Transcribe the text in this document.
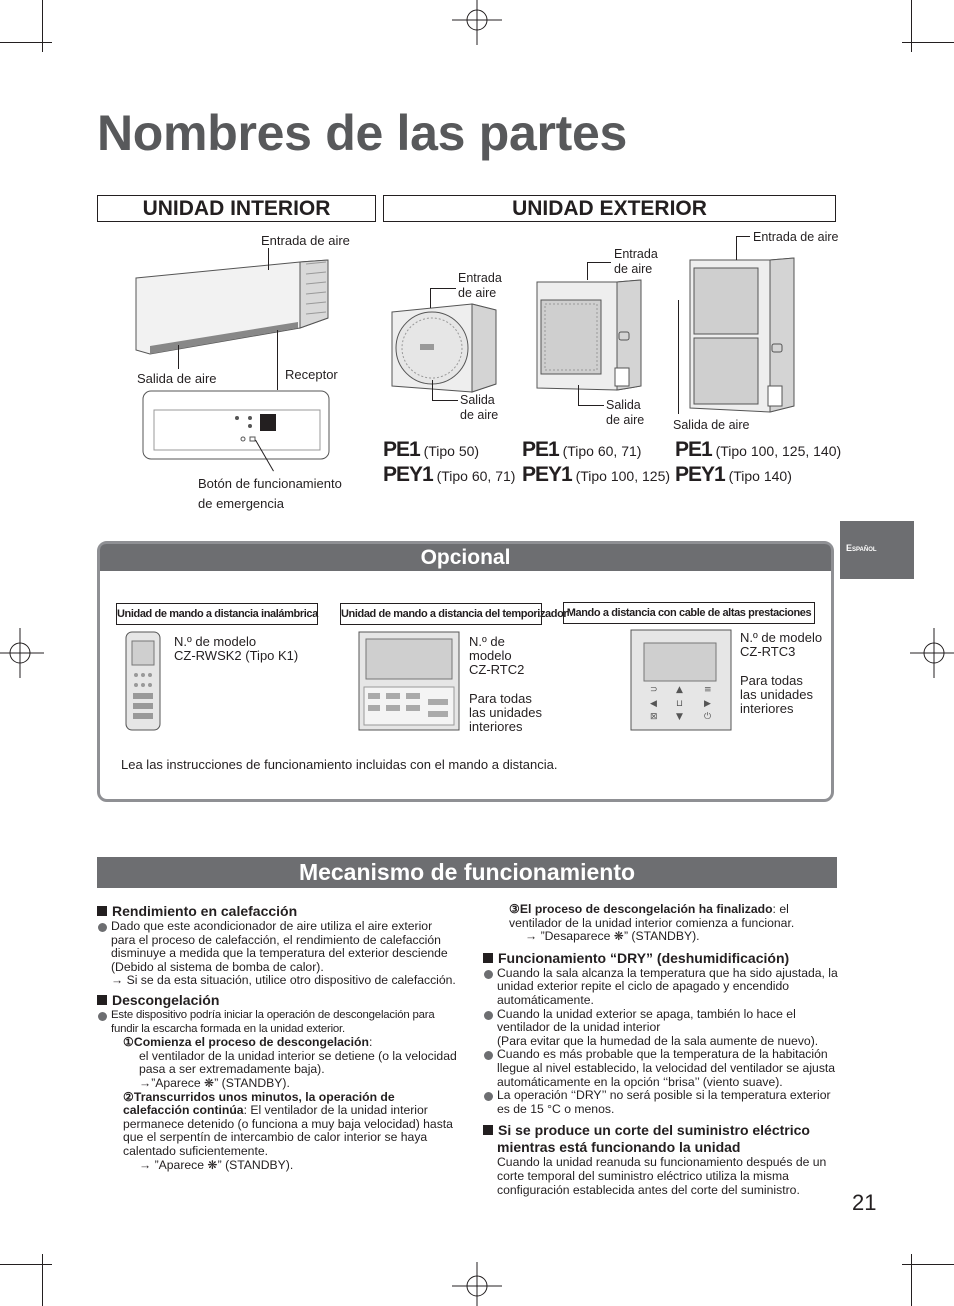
Nombres de las partes
UNIDAD INTERIOR	UNIDAD EXTERIOR
Entrada de aire
Salida de aire	Receptor
Botón de funcionamiento
de emergencia
Entrada
de aire
Salida
de aire
Entrada
de aire
Salida
de aire
Entrada de aire
Salida de aire
PE1 (Tipo 50)
PEY1 (Tipo 60, 71)
PE1 (Tipo 60, 71)
PEY1 (Tipo 100, 125)
PE1 (Tipo 100, 125, 140)
PEY1 (Tipo 140)
Español
Opcional
Unidad de mando a distancia inalámbrica Unidad de mando a distancia del temporizador Mando a distancia con cable de altas prestaciones
N.º de modelo
CZ-RWSK2 (Tipo K1)
N.º de
modelo
CZ-RTC2
Para todas
las unidades
interiores
⊃ ▲ ≡
◀ ⊔ ▶
⊠ ▼ ⏻
N.º de modelo
CZ-RTC3
Para todas
las unidades
interiores
Lea las instrucciones de funcionamiento incluidas con el mando a distancia.
Mecanismo de funcionamiento
Rendimiento en calefacción
Dado que este acondicionador de aire utiliza el aire exterior para el proceso de calefacción, el rendimiento de calefacción disminuye a medida que la temperatura del exterior desciende
(Debido al sistema de bomba de calor).
→ Si se da esta situación, utilice otro dispositivo de calefacción.
Descongelación
Este dispositivo podría iniciar la operación de descongelación para fundir la escarcha formada en la unidad exterior.
①Comienza el proceso de descongelación:
el ventilador de la unidad interior se detiene (o la velocidad pasa a ser extremadamente baja).
→”Aparece ❋” (STANDBY).
②Transcurridos unos minutos, la operación de calefacción continúa: El ventilador de la unidad interior permanece detenido (o funciona a muy baja velocidad) hasta que el serpentín de intercambio de calor interior se haya calentado suficientemente.
→ ”Aparece ❋” (STANDBY).
③El proceso de descongelación ha finalizado: el ventilador de la unidad interior comienza a funcionar.
→ ”Desaparece ❋” (STANDBY).
Funcionamiento “DRY” (deshumidificación)
Cuando la sala alcanza la temperatura que ha sido ajustada, la unidad exterior repite el ciclo de apagado y encendido automáticamente.
Cuando la unidad exterior se apaga, también lo hace el ventilador de la unidad interior
(Para evitar que la humedad de la sala aumente de nuevo).
Cuando es más probable que la temperatura de la habitación llegue al nivel establecido, la velocidad del ventilador se ajusta automáticamente en la opción ‘‘brisa’’ (viento suave).
La operación ‘‘DRY’’ no será posible si la temperatura exterior es de 15 °C o menos.
Si se produce un corte del suministro eléctrico mientras está funcionando la unidad
Cuando la unidad reanuda su funcionamiento después de un corte temporal del suministro eléctrico utiliza la misma configuración establecida antes del corte del suministro.
21
